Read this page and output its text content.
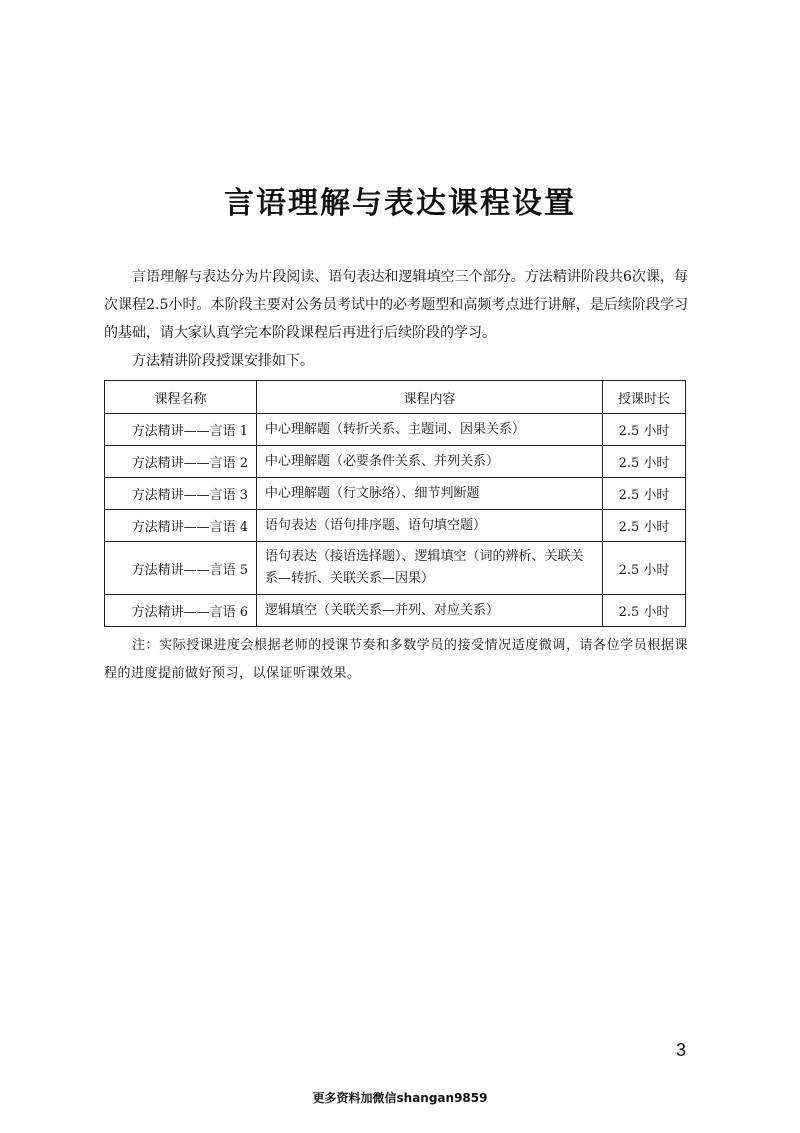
言语理解与表达课程设置

言语理解与表达分为片段阅读、语句表达和逻辑填空三个部分。方法精讲阶段共6次课，每次课程2.5小时。本阶段主要对公务员考试中的必考题型和高频考点进行讲解，是后续阶段学习的基础，请大家认真学完本阶段课程后再进行后续阶段的学习。

方法精讲阶段授课安排如下。

课程名称	课程内容	授课时长
方法精讲——言语 1	中心理解题（转折关系、主题词、因果关系）	2.5 小时
方法精讲——言语 2	中心理解题（必要条件关系、并列关系）	2.5 小时
方法精讲——言语 3	中心理解题（行文脉络）、细节判断题	2.5 小时
方法精讲——言语 4	语句表达（语句排序题、语句填空题）	2.5 小时
方法精讲——言语 5	语句表达（接语选择题）、逻辑填空（词的辨析、关联关系—转折、关联关系—因果）	2.5 小时
方法精讲——言语 6	逻辑填空（关联关系—并列、对应关系）	2.5 小时

注：实际授课进度会根据老师的授课节奏和多数学员的接受情况适度微调，请各位学员根据课程的进度提前做好预习，以保证听课效果。

3
更多资料加微信shangan9859
